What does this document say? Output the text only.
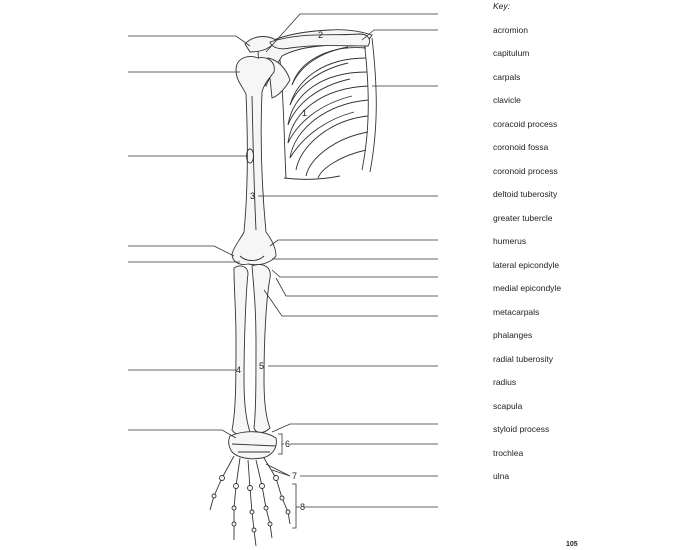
1
2
3
4 5
6
7
8
Key:
acromion
capitulum
carpals
clavicle
coracoid process
coronoid fossa
coronoid process
deltoid tuberosity
greater tubercle
humerus
lateral epicondyle
medial epicondyle
metacarpals
phalanges
radial tuberosity
radius
scapula
styloid process
trochlea
ulna
105
